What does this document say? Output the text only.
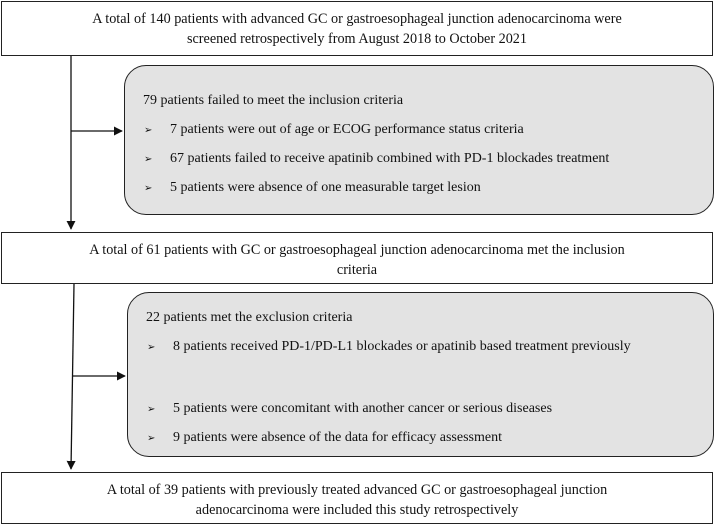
A total of 140 patients with advanced GC or gastroesophageal junction adenocarcinoma were
screened retrospectively from August 2018 to October 2021
79 patients failed to meet the inclusion criteria
➢ 7 patients were out of age or ECOG performance status criteria
➢ 67 patients failed to receive apatinib combined with PD-1 blockades treatment
➢ 5 patients were absence of one measurable target lesion
A total of 61 patients with GC or gastroesophageal junction adenocarcinoma met the inclusion
criteria
22 patients met the exclusion criteria
➢ 8 patients received PD-1/PD-L1 blockades or apatinib based treatment previously
➢ 5 patients were concomitant with another cancer or serious diseases
➢ 9 patients were absence of the data for efficacy assessment
A total of 39 patients with previously treated advanced GC or gastroesophageal junction
adenocarcinoma were included this study retrospectively
